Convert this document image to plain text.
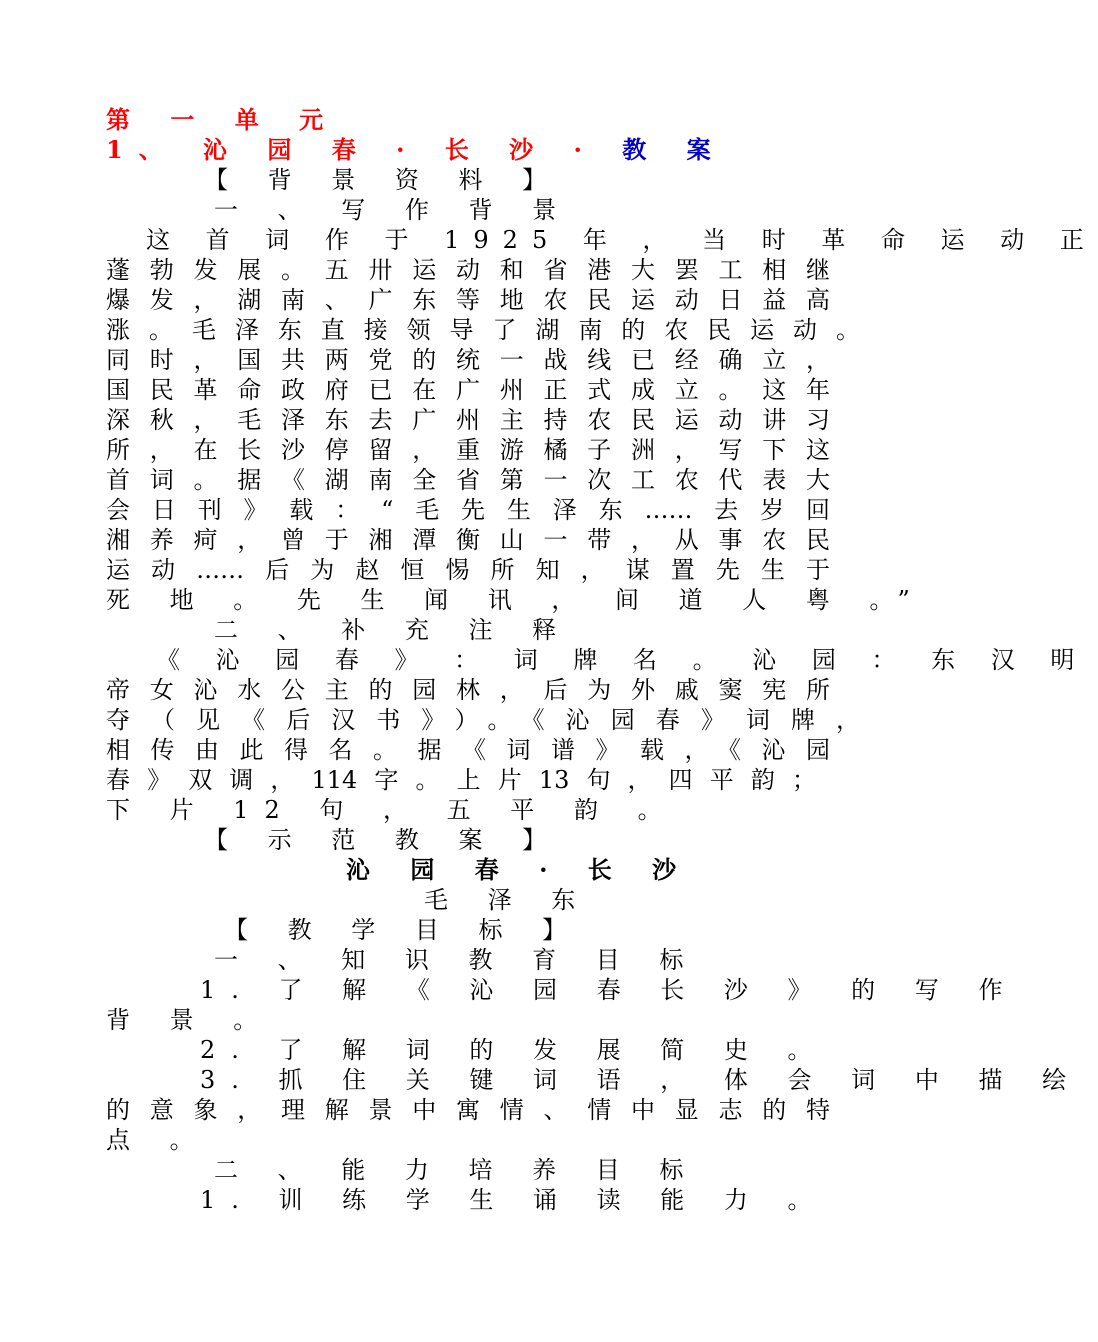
第 一 单 元
1、 沁 园 春 · 长 沙 · 教 案
【 背 景 资 料 】
一 、 写 作 背 景
这 首 词 作 于 1925 年 ， 当 时 革 命 运 动 正
蓬勃发展。五卅运动和省港大罢工相继
爆发，湖南、广东等地农民运动日益高
涨。毛泽东直接领导了湖南的农民运动。
同时，国共两党的统一战线已经确立，
国民革命政府已在广州正式成立。这年
深秋，毛泽东去广州主持农民运动讲习
所，在长沙停留，重游橘子洲，写下这
首词。据《湖南全省第一次工农代表大
会日刊》载：“毛先生泽东……去岁回
湘养疴，曾于湘潭衡山一带，从事农民
运动……后为赵恒惕所知，谋置先生于
死 地 。 先 生 闻 讯 ， 间 道 人 粤 。”
二 、 补 充 注 释
《 沁 园 春 》 ： 词 牌 名 。 沁 园 ： 东 汉 明
帝女沁水公主的园林，后为外戚窦宪所
夺（见《后汉书》）。《沁园春》词牌，
相传由此得名。据《词谱》载，《沁园
春》双调，114字。上片13句，四平韵；
下 片 12 句 ， 五 平 韵 。
【 示 范 教 案 】
沁 园 春 · 长 沙
毛 泽 东
【 教 学 目 标 】
一 、 知 识 教 育 目 标
1. 了 解 《 沁 园 春 长 沙 》 的 写 作
背 景 。
2. 了 解 词 的 发 展 简 史 。
3. 抓 住 关 键 词 语 ， 体 会 词 中 描 绘
的意象，理解景中寓情、情中显志的特
点 。
二 、 能 力 培 养 目 标
1. 训 练 学 生 诵 读 能 力 。
